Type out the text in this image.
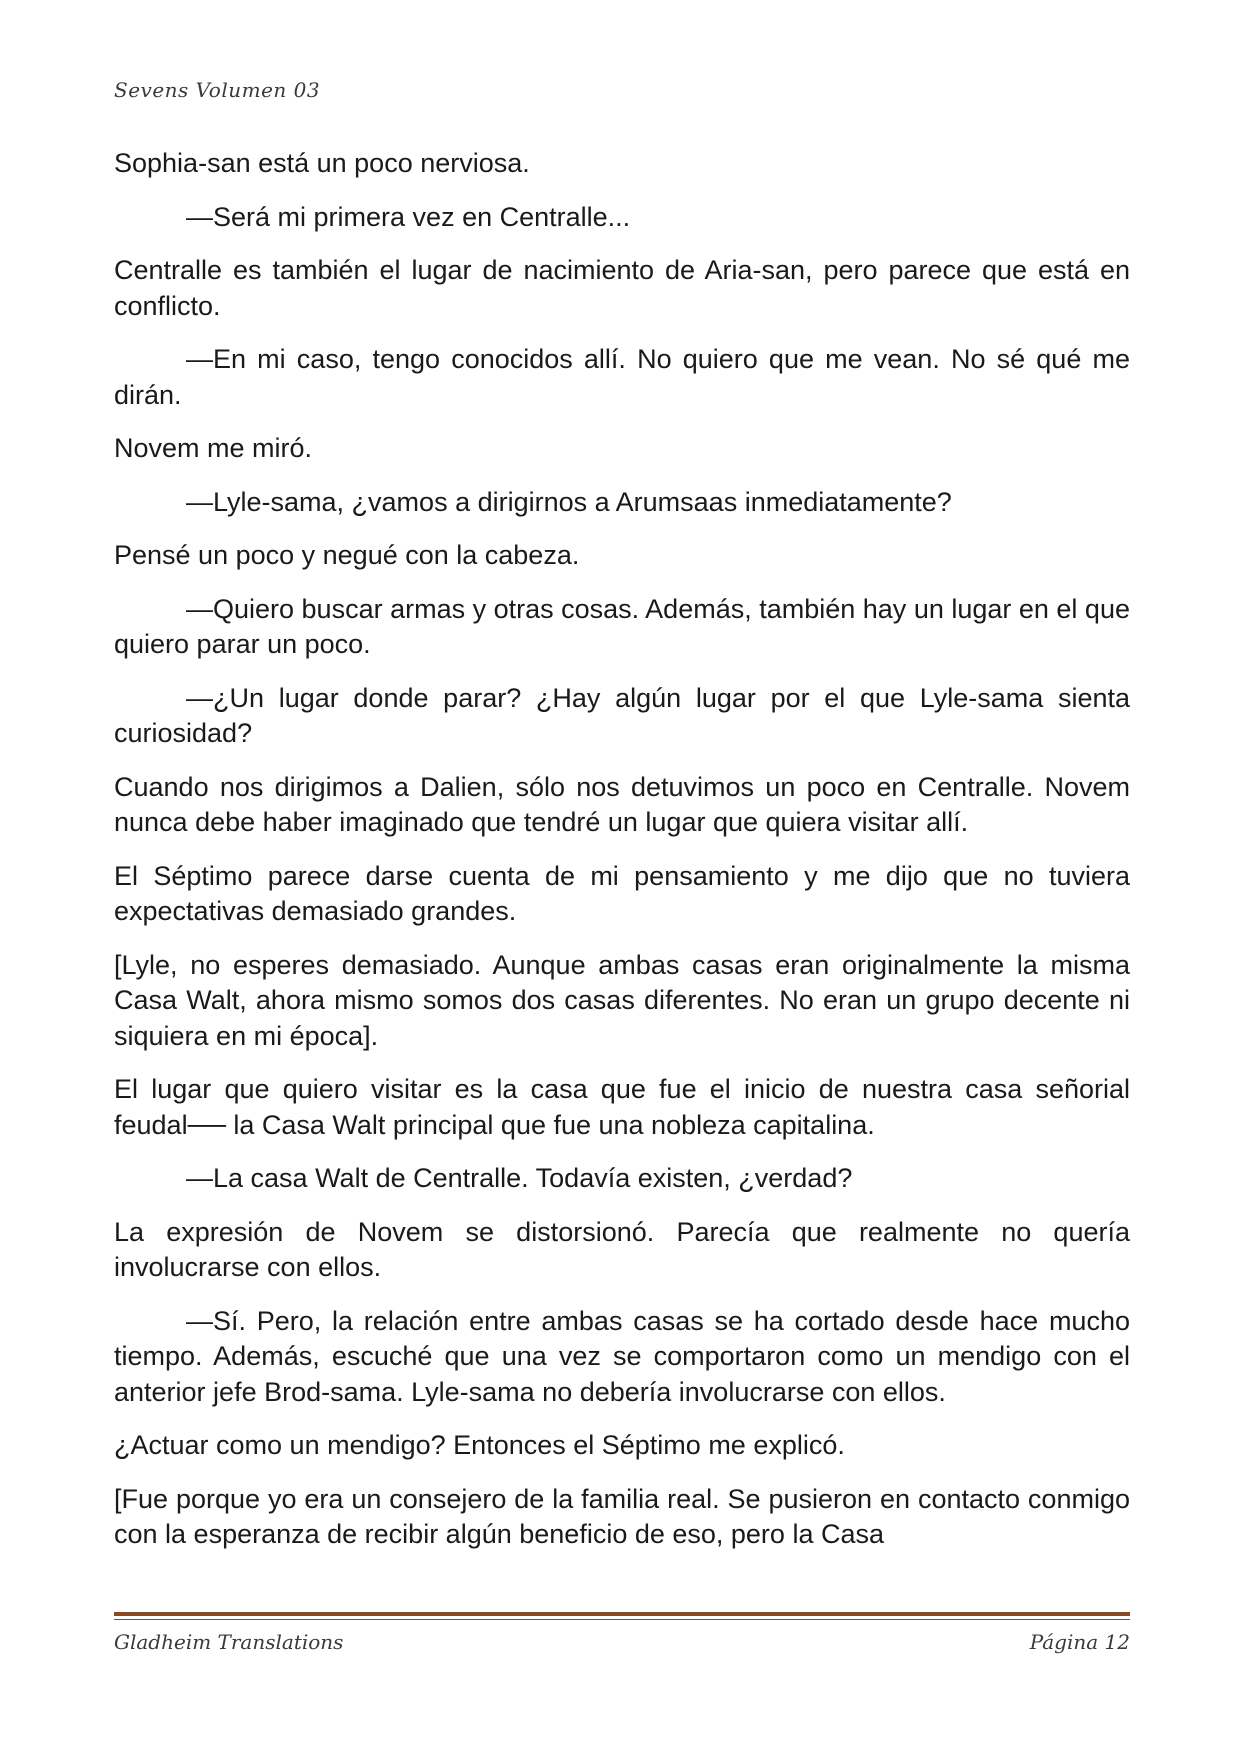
Sevens Volumen 03

Sophia-san está un poco nerviosa.

—Será mi primera vez en Centralle...

Centralle es también el lugar de nacimiento de Aria-san, pero parece que está en conflicto.

—En mi caso, tengo conocidos allí. No quiero que me vean. No sé qué me dirán.

Novem me miró.

—Lyle-sama, ¿vamos a dirigirnos a Arumsaas inmediatamente?

Pensé un poco y negué con la cabeza.

—Quiero buscar armas y otras cosas. Además, también hay un lugar en el que quiero parar un poco.

—¿Un lugar donde parar? ¿Hay algún lugar por el que Lyle-sama sienta curiosidad?

Cuando nos dirigimos a Dalien, sólo nos detuvimos un poco en Centralle. Novem nunca debe haber imaginado que tendré un lugar que quiera visitar allí.

El Séptimo parece darse cuenta de mi pensamiento y me dijo que no tuviera expectativas demasiado grandes.

[Lyle, no esperes demasiado. Aunque ambas casas eran originalmente la misma Casa Walt, ahora mismo somos dos casas diferentes. No eran un grupo decente ni siquiera en mi época].

El lugar que quiero visitar es la casa que fue el inicio de nuestra casa señorial feudal── la Casa Walt principal que fue una nobleza capitalina.

—La casa Walt de Centralle. Todavía existen, ¿verdad?

La expresión de Novem se distorsionó. Parecía que realmente no quería involucrarse con ellos.

—Sí. Pero, la relación entre ambas casas se ha cortado desde hace mucho tiempo. Además, escuché que una vez se comportaron como un mendigo con el anterior jefe Brod-sama. Lyle-sama no debería involucrarse con ellos.

¿Actuar como un mendigo? Entonces el Séptimo me explicó.

[Fue porque yo era un consejero de la familia real. Se pusieron en contacto conmigo con la esperanza de recibir algún beneficio de eso, pero la Casa

Gladheim Translations	Página 12
